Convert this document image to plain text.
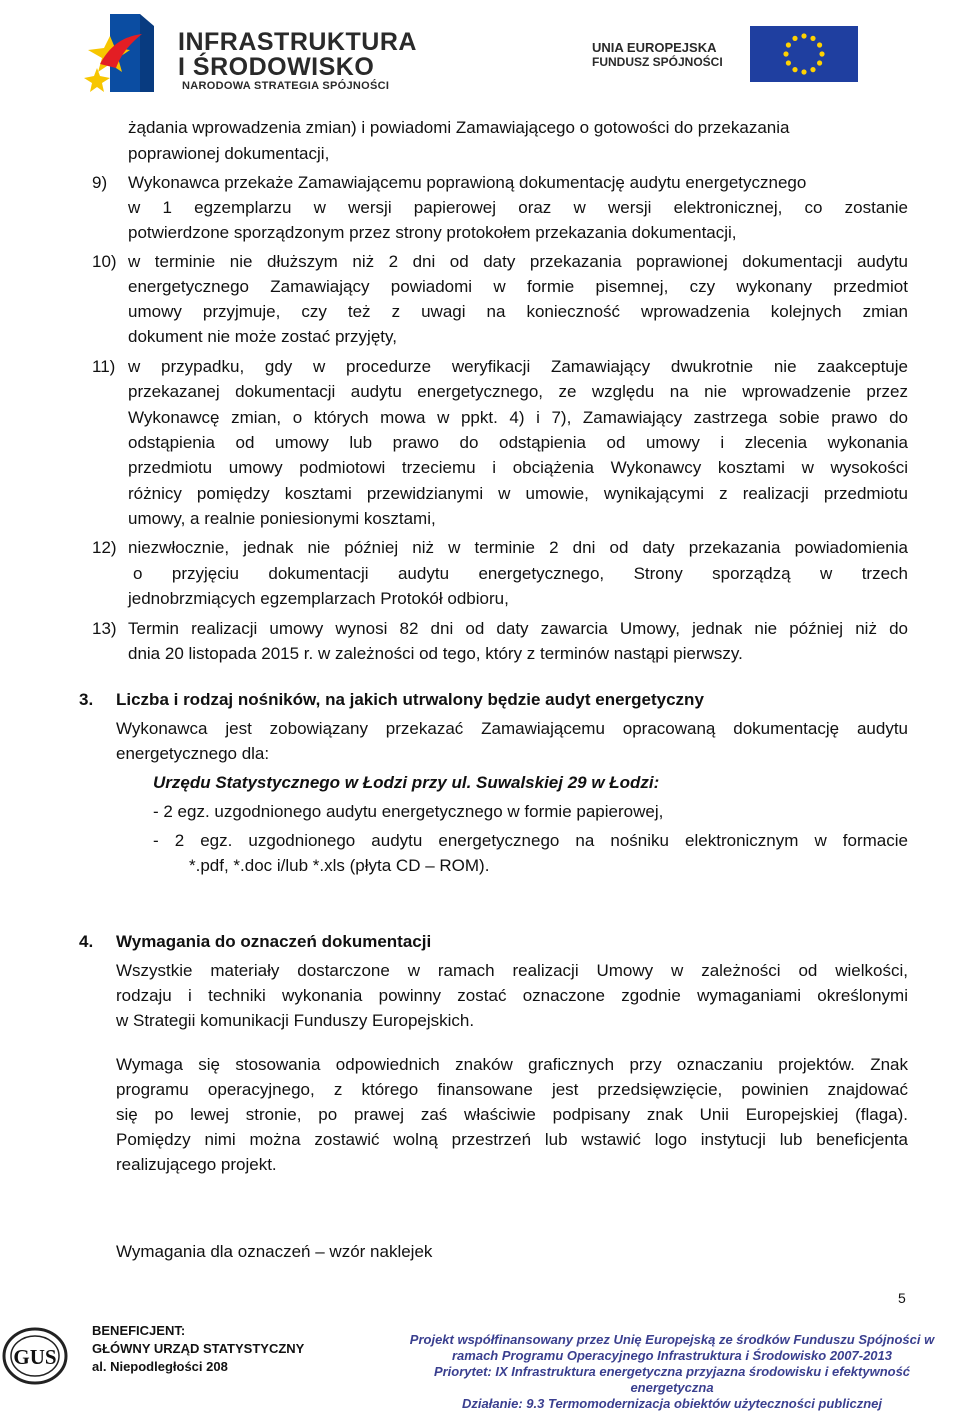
INFRASTRUKTURA
I ŚRODOWISKO
NARODOWA STRATEGIA SPÓJNOŚCI
UNIA EUROPEJSKA
FUNDUSZ SPÓJNOŚCI
żądania wprowadzenia zmian) i powiadomi Zamawiającego o gotowości do przekazania
poprawionej dokumentacji,
9) Wykonawca przekaże Zamawiającemu poprawioną dokumentację audytu energetycznego
w 1 egzemplarzu w wersji papierowej oraz w wersji elektronicznej, co zostanie
potwierdzone sporządzonym przez strony protokołem przekazania dokumentacji,
10) w terminie nie dłuższym niż 2 dni od daty przekazania poprawionej dokumentacji audytu
energetycznego Zamawiający powiadomi w formie pisemnej, czy wykonany przedmiot
umowy przyjmuje, czy też z uwagi na konieczność wprowadzenia kolejnych zmian
dokument nie może zostać przyjęty,
11) w przypadku, gdy w procedurze weryfikacji Zamawiający dwukrotnie nie zaakceptuje
przekazanej dokumentacji audytu energetycznego, ze względu na nie wprowadzenie przez
Wykonawcę zmian, o których mowa w ppkt. 4) i 7), Zamawiający zastrzega sobie prawo do
odstąpienia od umowy lub prawo do odstąpienia od umowy i zlecenia wykonania
przedmiotu umowy podmiotowi trzeciemu i obciążenia Wykonawcy kosztami w wysokości
różnicy pomiędzy kosztami przewidzianymi w umowie, wynikającymi z realizacji przedmiotu
umowy, a realnie poniesionymi kosztami,
12) niezwłocznie, jednak nie później niż w terminie 2 dni od daty przekazania powiadomienia
o przyjęciu dokumentacji audytu energetycznego, Strony sporządzą w trzech
jednobrzmiących egzemplarzach Protokół odbioru,
13) Termin realizacji umowy wynosi 82 dni od daty zawarcia Umowy, jednak nie później niż do
dnia 20 listopada 2015 r. w zależności od tego, który z terminów nastąpi pierwszy.
3. Liczba i rodzaj nośników, na jakich utrwalony będzie audyt energetyczny
Wykonawca jest zobowiązany przekazać Zamawiającemu opracowaną dokumentację audytu
energetycznego dla:
Urzędu Statystycznego w Łodzi przy ul. Suwalskiej 29 w Łodzi:
- 2 egz. uzgodnionego audytu energetycznego w formie papierowej,
- 2 egz. uzgodnionego audytu energetycznego na nośniku elektronicznym w formacie
*.pdf, *.doc i/lub *.xls (płyta CD – ROM).
4. Wymagania do oznaczeń dokumentacji
Wszystkie materiały dostarczone w ramach realizacji Umowy w zależności od wielkości,
rodzaju i techniki wykonania powinny zostać oznaczone zgodnie wymaganiami określonymi
w Strategii komunikacji Funduszy Europejskich.
Wymaga się stosowania odpowiednich znaków graficznych przy oznaczaniu projektów. Znak
programu operacyjnego, z którego finansowane jest przedsięwzięcie, powinien znajdować
się po lewej stronie, po prawej zaś właściwie podpisany znak Unii Europejskiej (flaga).
Pomiędzy nimi można zostawić wolną przestrzeń lub wstawić logo instytucji lub beneficjenta
realizującego projekt.
Wymagania dla oznaczeń – wzór naklejek
5
GUS
BENEFICJENT:
GŁÓWNY URZĄD STATYSTYCZNY
al. Niepodległości 208
Projekt współfinansowany przez Unię Europejską ze środków Funduszu Spójności w
ramach Programu Operacyjnego Infrastruktura i Środowisko 2007-2013
Priorytet: IX Infrastruktura energetyczna przyjazna środowisku i efektywność
energetyczna
Działanie: 9.3 Termomodernizacja obiektów użyteczności publicznej
